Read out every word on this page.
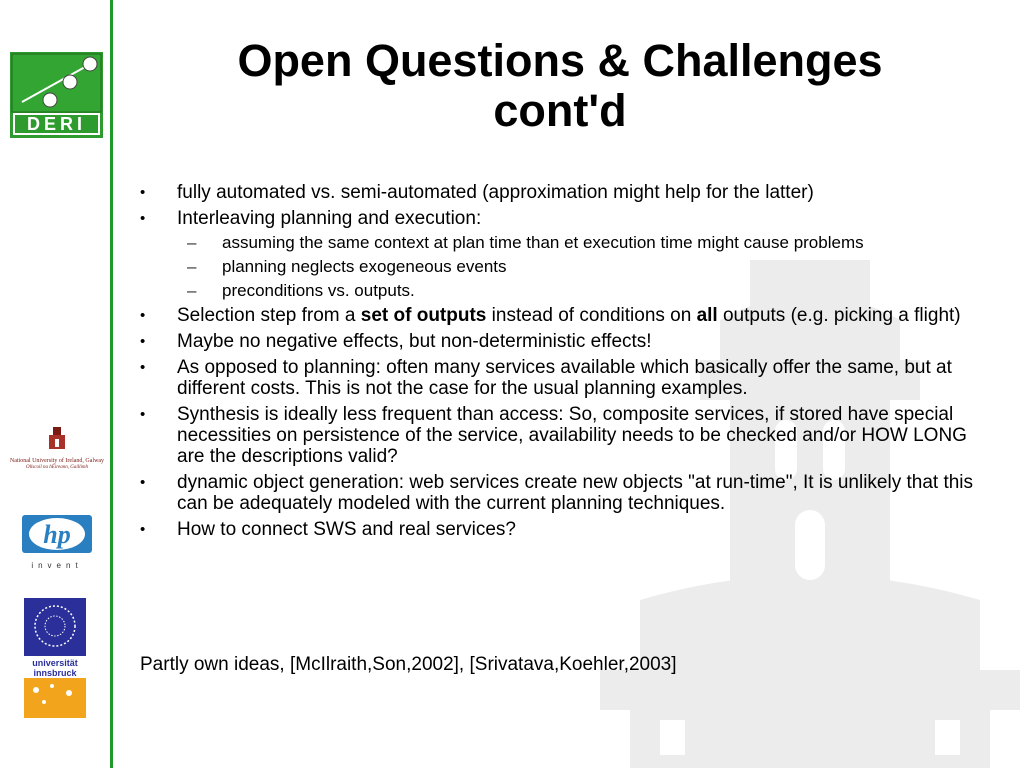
DERI
National University of Ireland, Galway
Ollscoil na hÉireann, Gaillimh
hp
invent
universität
innsbruck
Open Questions & Challenges
cont'd
• fully automated vs. semi-automated (approximation might help for the latter)
• Interleaving planning and execution:
– assuming the same context at plan time than et execution time might cause problems
– planning neglects exogeneous events
– preconditions vs. outputs.
• Selection step from a set of outputs instead of conditions on all outputs (e.g. picking a flight)
• Maybe no negative effects, but non-deterministic effects!
• As opposed to planning: often many services available which basically offer the same, but at different costs. This is not the case for the usual planning examples.
• Synthesis is ideally less frequent than access: So, composite services, if stored have special necessities on persistence of the service, availability needs to be checked and/or HOW LONG are the descriptions valid?
• dynamic object generation: web services create new objects "at run-time", It is unlikely that this can be adequately modeled with the current planning techniques.
• How to connect SWS and real services?
Partly own ideas, [McIlraith,Son,2002], [Srivatava,Koehler,2003]
